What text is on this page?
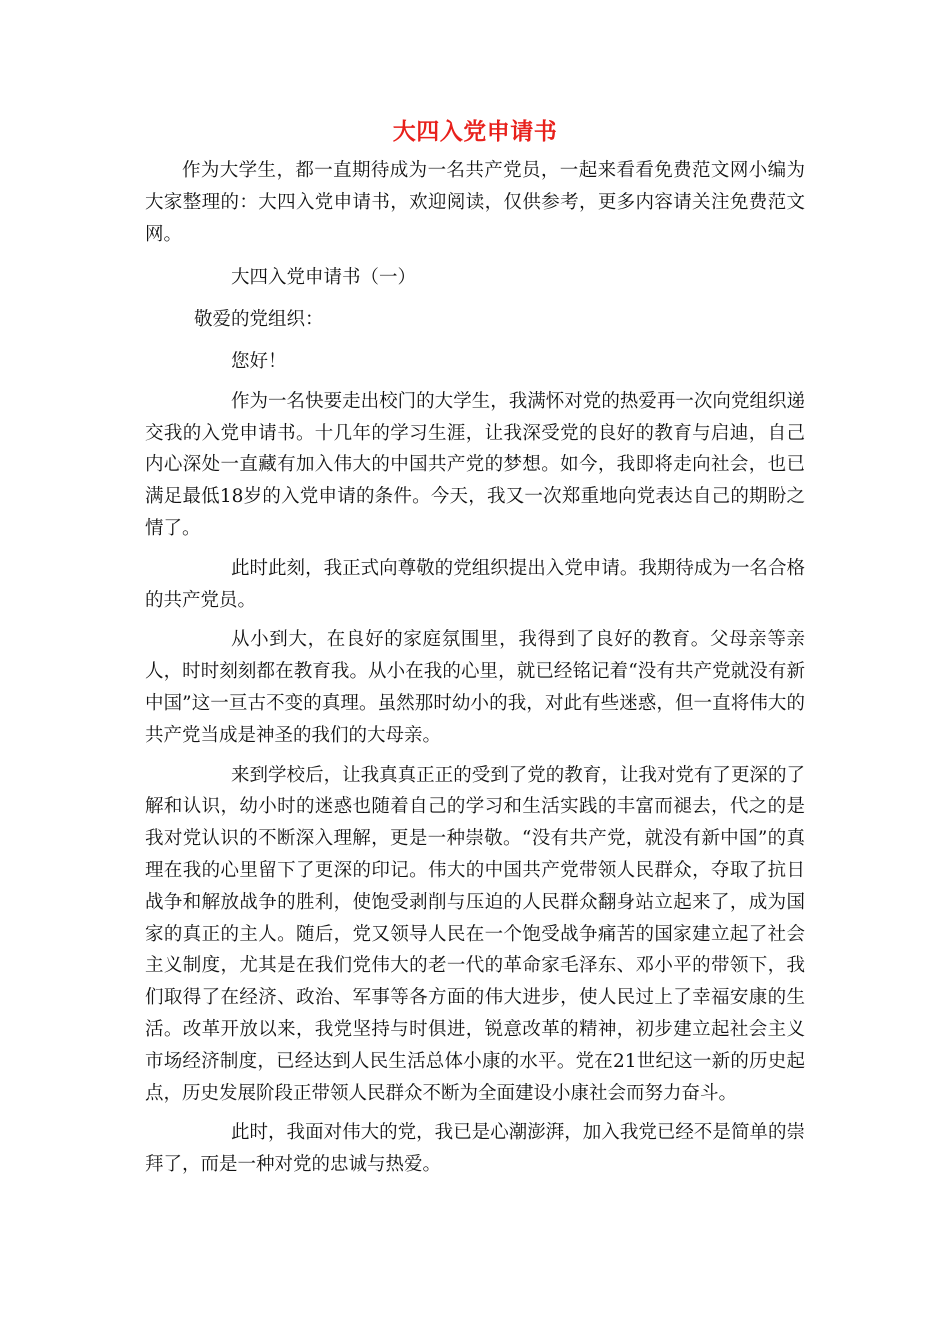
大四入党申请书

作为大学生，都一直期待成为一名共产党员，一起来看看免费范文网小编为大家整理的：大四入党申请书，欢迎阅读，仅供参考，更多内容请关注免费范文网。

大四入党申请书（一）

敬爱的党组织：

您好！

作为一名快要走出校门的大学生，我满怀对党的热爱再一次向党组织递交我的入党申请书。十几年的学习生涯，让我深受党的良好的教育与启迪，自己内心深处一直藏有加入伟大的中国共产党的梦想。如今，我即将走向社会，也已满足最低18岁的入党申请的条件。今天，我又一次郑重地向党表达自己的期盼之情了。

此时此刻，我正式向尊敬的党组织提出入党申请。我期待成为一名合格的共产党员。

从小到大，在良好的家庭氛围里，我得到了良好的教育。父母亲等亲人，时时刻刻都在教育我。从小在我的心里，就已经铭记着“没有共产党就没有新中国”这一亘古不变的真理。虽然那时幼小的我，对此有些迷惑，但一直将伟大的共产党当成是神圣的我们的大母亲。

来到学校后，让我真真正正的受到了党的教育，让我对党有了更深的了解和认识，幼小时的迷惑也随着自己的学习和生活实践的丰富而褪去，代之的是我对党认识的不断深入理解，更是一种崇敬。“没有共产党，就没有新中国”的真理在我的心里留下了更深的印记。伟大的中国共产党带领人民群众，夺取了抗日战争和解放战争的胜利，使饱受剥削与压迫的人民群众翻身站立起来了，成为国家的真正的主人。随后，党又领导人民在一个饱受战争痛苦的国家建立起了社会主义制度，尤其是在我们党伟大的老一代的革命家毛泽东、邓小平的带领下，我们取得了在经济、政治、军事等各方面的伟大进步，使人民过上了幸福安康的生活。改革开放以来，我党坚持与时俱进，锐意改革的精神，初步建立起社会主义市场经济制度，已经达到人民生活总体小康的水平。党在21世纪这一新的历史起点，历史发展阶段正带领人民群众不断为全面建设小康社会而努力奋斗。

此时，我面对伟大的党，我已是心潮澎湃，加入我党已经不是简单的崇拜了，而是一种对党的忠诚与热爱。
